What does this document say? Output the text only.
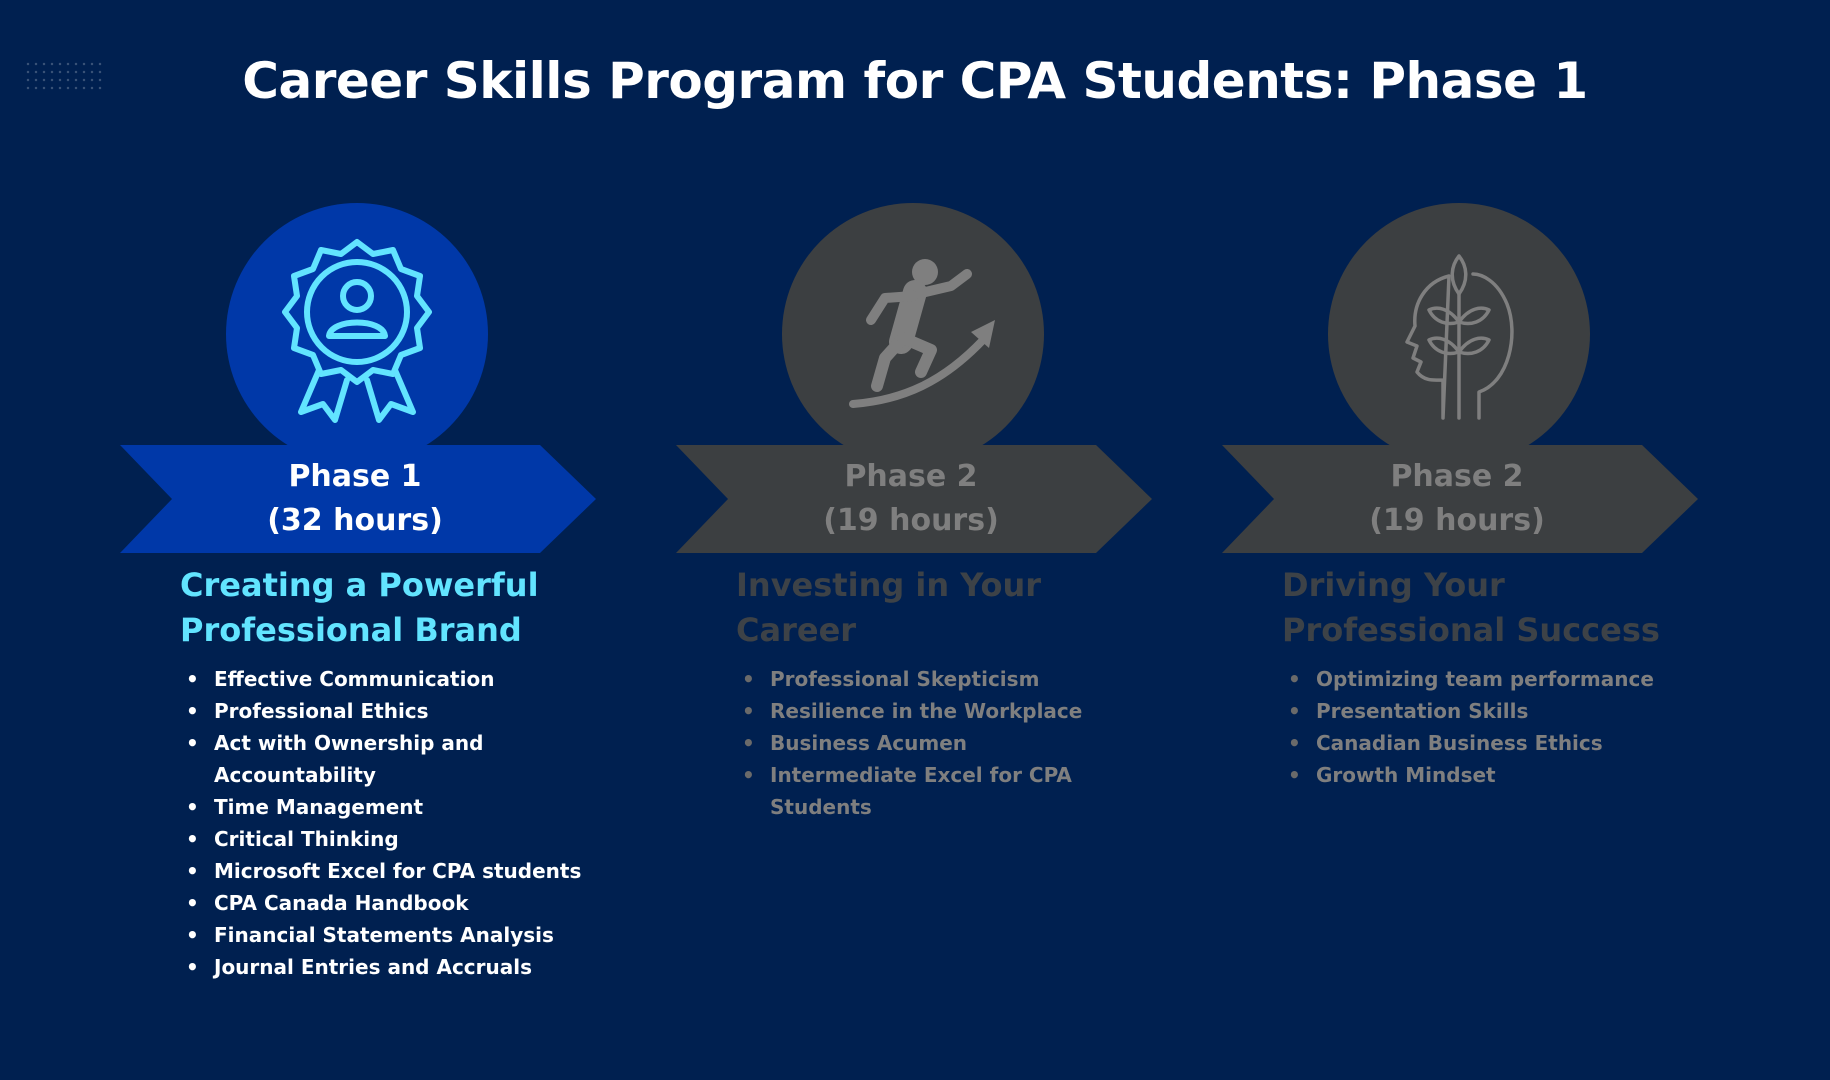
Career Skills Program for CPA Students: Phase 1
Phase 1
(32 hours)
Creating a Powerful Professional Brand
• Effective Communication
• Professional Ethics
• Act with Ownership and Accountability
• Time Management
• Critical Thinking
• Microsoft Excel for CPA students
• CPA Canada Handbook
• Financial Statements Analysis
• Journal Entries and Accruals
Phase 2
(19 hours)
Investing in Your Career
• Professional Skepticism
• Resilience in the Workplace
• Business Acumen
• Intermediate Excel for CPA Students
Phase 2
(19 hours)
Driving Your Professional Success
• Optimizing team performance
• Presentation Skills
• Canadian Business Ethics
• Growth Mindset
